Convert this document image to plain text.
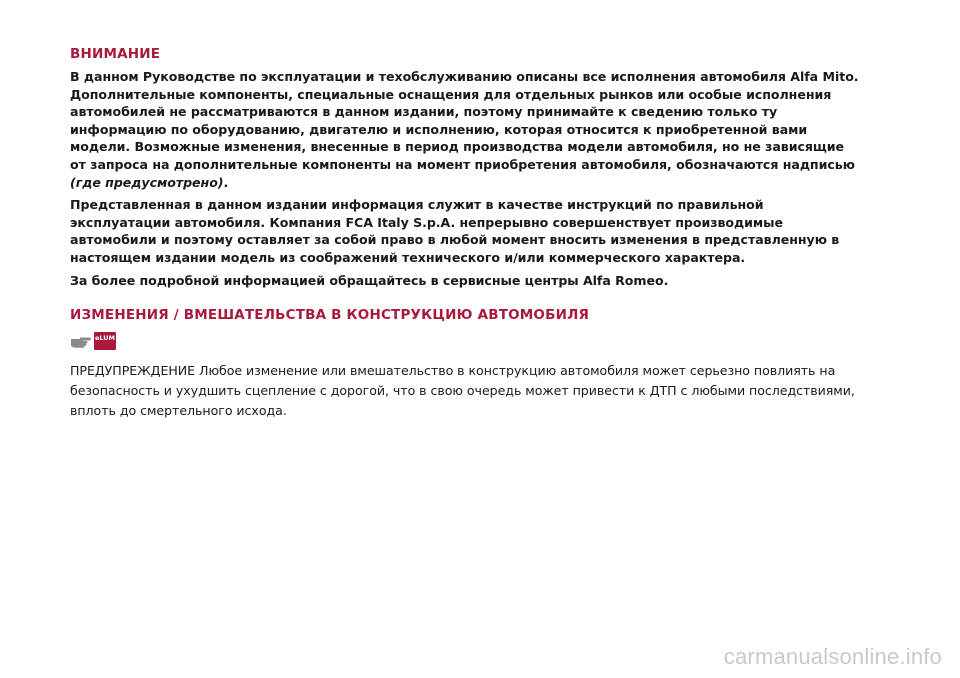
ВНИМАНИЕ

В данном Руководстве по эксплуатации и техобслуживанию описаны все исполнения автомобиля Alfa Mito. Дополнительные компоненты, специальные оснащения для отдельных рынков или особые исполнения автомобилей не рассматриваются в данном издании, поэтому принимайте к сведению только ту информацию по оборудованию, двигателю и исполнению, которая относится к приобретенной вами модели. Возможные изменения, внесенные в период производства модели автомобиля, но не зависящие от запроса на дополнительные компоненты на момент приобретения автомобиля, обозначаются надписью (где предусмотрено).

Представленная в данном издании информация служит в качестве инструкций по правильной эксплуатации автомобиля. Компания FCA Italy S.p.A. непрерывно совершенствует производимые автомобили и поэтому оставляет за собой право в любой момент вносить изменения в представленную в настоящем издании модель из соображений технического и/или коммерческого характера.

За более подробной информацией обращайтесь в сервисные центры Alfa Romeo.

ИЗМЕНЕНИЯ / ВМЕШАТЕЛЬСТВА В КОНСТРУКЦИЮ АВТОМОБИЛЯ
eLUM

ПРЕДУПРЕЖДЕНИЕ Любое изменение или вмешательство в конструкцию автомобиля может серьезно повлиять на безопасность и ухудшить сцепление с дорогой, что в свою очередь может привести к ДТП с любыми последствиями, вплоть до смертельного исхода.

carmanualsonline.info
